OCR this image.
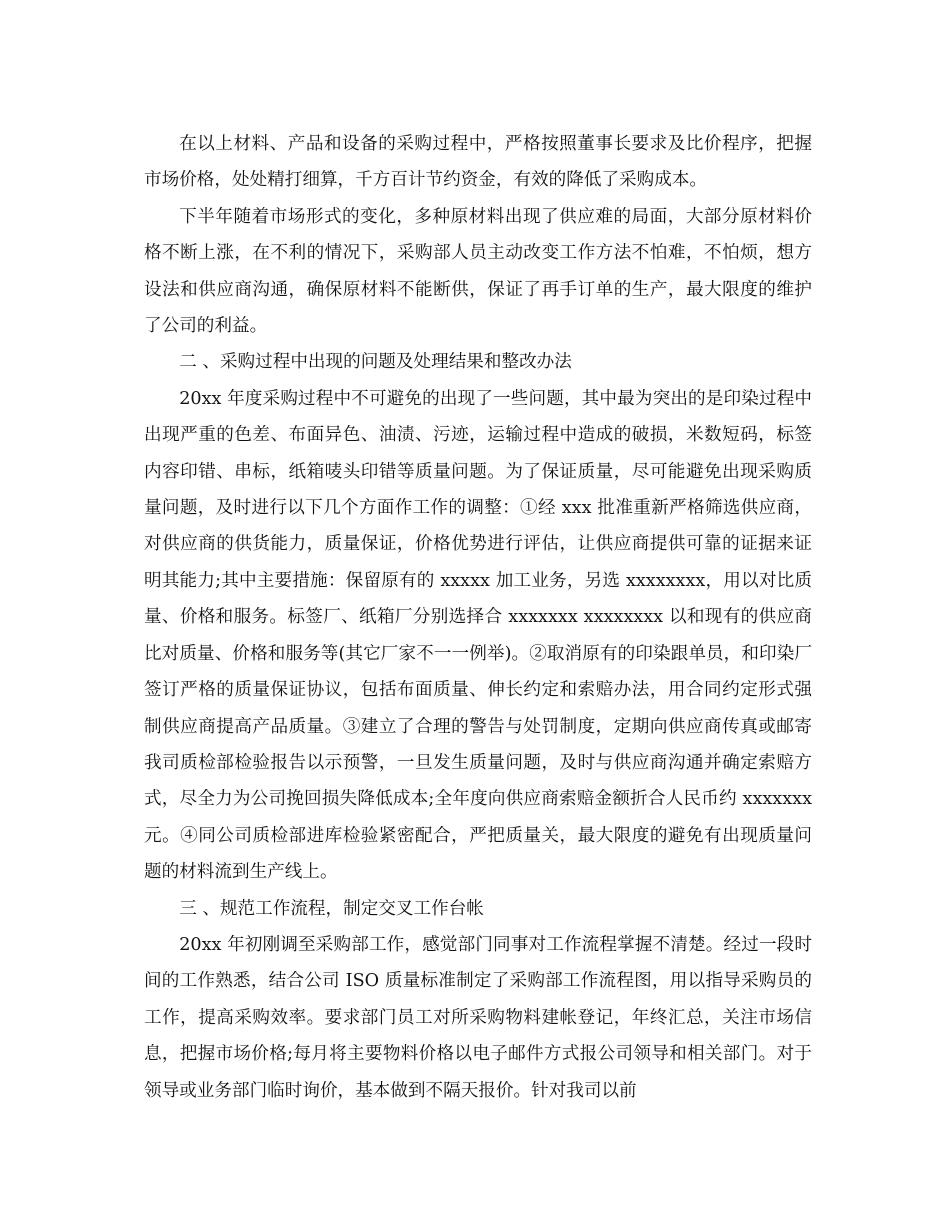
在以上材料、产品和设备的采购过程中，严格按照董事长要求及比价程序，把握市场价格，处处精打细算，千方百计节约资金，有效的降低了采购成本。

下半年随着市场形式的变化，多种原材料出现了供应难的局面，大部分原材料价格不断上涨，在不利的情况下，采购部人员主动改变工作方法不怕难，不怕烦，想方设法和供应商沟通，确保原材料不能断供，保证了再手订单的生产，最大限度的维护了公司的利益。

二 、采购过程中出现的问题及处理结果和整改办法

20xx 年度采购过程中不可避免的出现了一些问题，其中最为突出的是印染过程中出现严重的色差、布面异色、油渍、污迹，运输过程中造成的破损，米数短码，标签内容印错、串标，纸箱唛头印错等质量问题。为了保证质量，尽可能避免出现采购质量问题，及时进行以下几个方面作工作的调整：①经 xxx 批准重新严格筛选供应商，对供应商的供货能力，质量保证，价格优势进行评估，让供应商提供可靠的证据来证明其能力;其中主要措施：保留原有的 xxxxx 加工业务，另选 xxxxxxxx，用以对比质量、价格和服务。标签厂、纸箱厂分别选择合 xxxxxxx xxxxxxxx 以和现有的供应商比对质量、价格和服务等(其它厂家不一一例举)。②取消原有的印染跟单员，和印染厂签订严格的质量保证协议，包括布面质量、伸长约定和索赔办法，用合同约定形式强制供应商提高产品质量。③建立了合理的警告与处罚制度，定期向供应商传真或邮寄我司质检部检验报告以示预警，一旦发生质量问题，及时与供应商沟通并确定索赔方式，尽全力为公司挽回损失降低成本;全年度向供应商索赔金额折合人民币约 xxxxxxx 元。④同公司质检部进库检验紧密配合，严把质量关，最大限度的避免有出现质量问题的材料流到生产线上。

三 、规范工作流程，制定交叉工作台帐

20xx 年初刚调至采购部工作，感觉部门同事对工作流程掌握不清楚。经过一段时间的工作熟悉，结合公司 ISO 质量标准制定了采购部工作流程图，用以指导采购员的工作，提高采购效率。要求部门员工对所采购物料建帐登记，年终汇总，关注市场信息，把握市场价格;每月将主要物料价格以电子邮件方式报公司领导和相关部门。对于领导或业务部门临时询价，基本做到不隔天报价。针对我司以前
